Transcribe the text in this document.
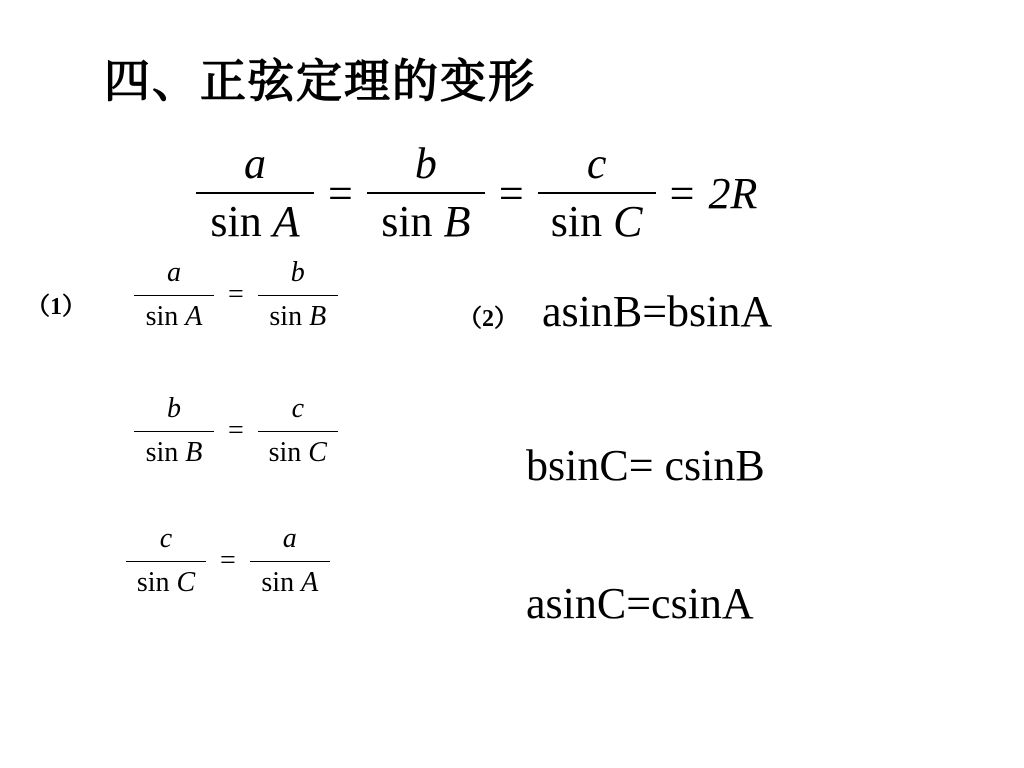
四、正弦定理的变形
$\frac{a}{\text{sin A}} = \frac{b}{\text{sin B}} = \frac{c}{\text{sin C}} = 2R$
$(1) \frac{a}{\text{sin A}} = \frac{b}{\text{sin B}}$
$\frac{b}{\text{sin B}} = \frac{c}{\text{sin C}}$
$\frac{c}{\text{sin C}} = \frac{a}{\text{sin A}}$
（2） asinB=bsinA
bsinC= csinB
asinC=csinA
